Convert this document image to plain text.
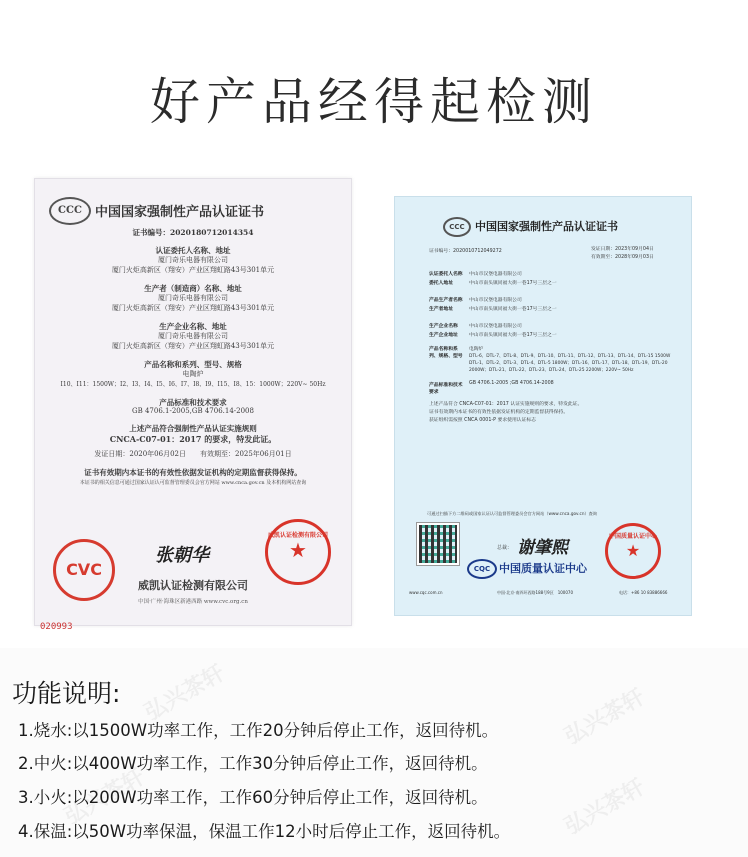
好产品经得起检测
弘兴茶轩	弘兴茶轩
弘兴茶轩	弘兴茶轩
CCC	中国国家强制性产品认证证书
证书编号：2020180712014354
认证委托人名称、地址
厦门奇乐电器有限公司
厦门火炬高新区（翔安）产业区翔虹路43号301单元
生产者（制造商）名称、地址
厦门奇乐电器有限公司
厦门火炬高新区（翔安）产业区翔虹路43号301单元
生产企业名称、地址
厦门奇乐电器有限公司
厦门火炬高新区（翔安）产业区翔虹路43号301单元
产品名称和系列、型号、规格
电陶炉
I10、I11：1500W；I2、I3、I4、I5、I6、I7、I8、I9、I15、I8、15：1000W；220V~ 50Hz
产品标准和技术要求
GB 4706.1-2005,GB 4706.14-2008
上述产品符合强制性产品认证实施规则
CNCA-C07-01：2017 的要求，特发此证。
发证日期：2020年06月02日　　有效期至：2025年06月01日
证书有效期内本证书的有效性依据发证机构的定期监督获得保持。
本证书的相关信息可通过国家认证认可监督管理委员会官方网站 www.cnca.gov.cn 及本机构网站查询
CVC
张朝华
威凯认证检测有限公司
★
威凯认证检测有限公司
中国·广州·海珠区新港西路 www.cvc.org.cn
020993
CCC 中国国家强制性产品认证证书
证书编号：2020010712049272	发证日期：2023年09月04日
有效期至：2028年09月03日
认证委托人名称 中山市汉堡电器有限公司
委托人地址	中山市南头镇同福大街一巷17号三层之一
产品生产者名称 中山市汉堡电器有限公司
生产者地址	中山市南头镇同福大街一巷17号三层之一
生产企业名称 中山市汉堡电器有限公司
生产企业地址 中山市南头镇同福大街一巷17号三层之一
产品名称和系列、规格、型号
电陶炉
DTL-6、DTL-7、DTL-8、DTL-9、DTL-10、DTL-11、DTL-12、DTL-13、DTL-14、DTL-15 1500W
DTL-1、DTL-2、DTL-3、DTL-4、DTL-5 1800W；DTL-16、DTL-17、DTL-18、DTL-19、DTL-20
2000W；DTL-21、DTL-22、DTL-23、DTL-24、DTL-25 2200W；220V~ 50Hz
产品标准和技术要求
GB 4706.1-2005 ;GB 4706.14-2008
上述产品符合 CNCA-C07-01：2017 认证实施规则的要求，特发此证。
证书有效期内本证书的有效性依据发证机构的定期监督获得保持。
获证组织需按照 CNCA 0001-P 要求使用认证标志
可通过扫描下方二维码或国家认证认可监督管理委员会官方网站（www.cnca.gov.cn）查询
总裁： 谢肇熙
中国质量认证中心
★
CQC 中国质量认证中心
www.cqc.com.cn	中国·北京·南四环西路188号9区　100070	电话：+86 10 83886666
功能说明:
1.烧水:以1500W功率工作，工作20分钟后停止工作，返回待机。
2.中火:以400W功率工作，工作30分钟后停止工作，返回待机。
3.小火:以200W功率工作，工作60分钟后停止工作，返回待机。
4.保温:以50W功率保温，保温工作12小时后停止工作，返回待机。
